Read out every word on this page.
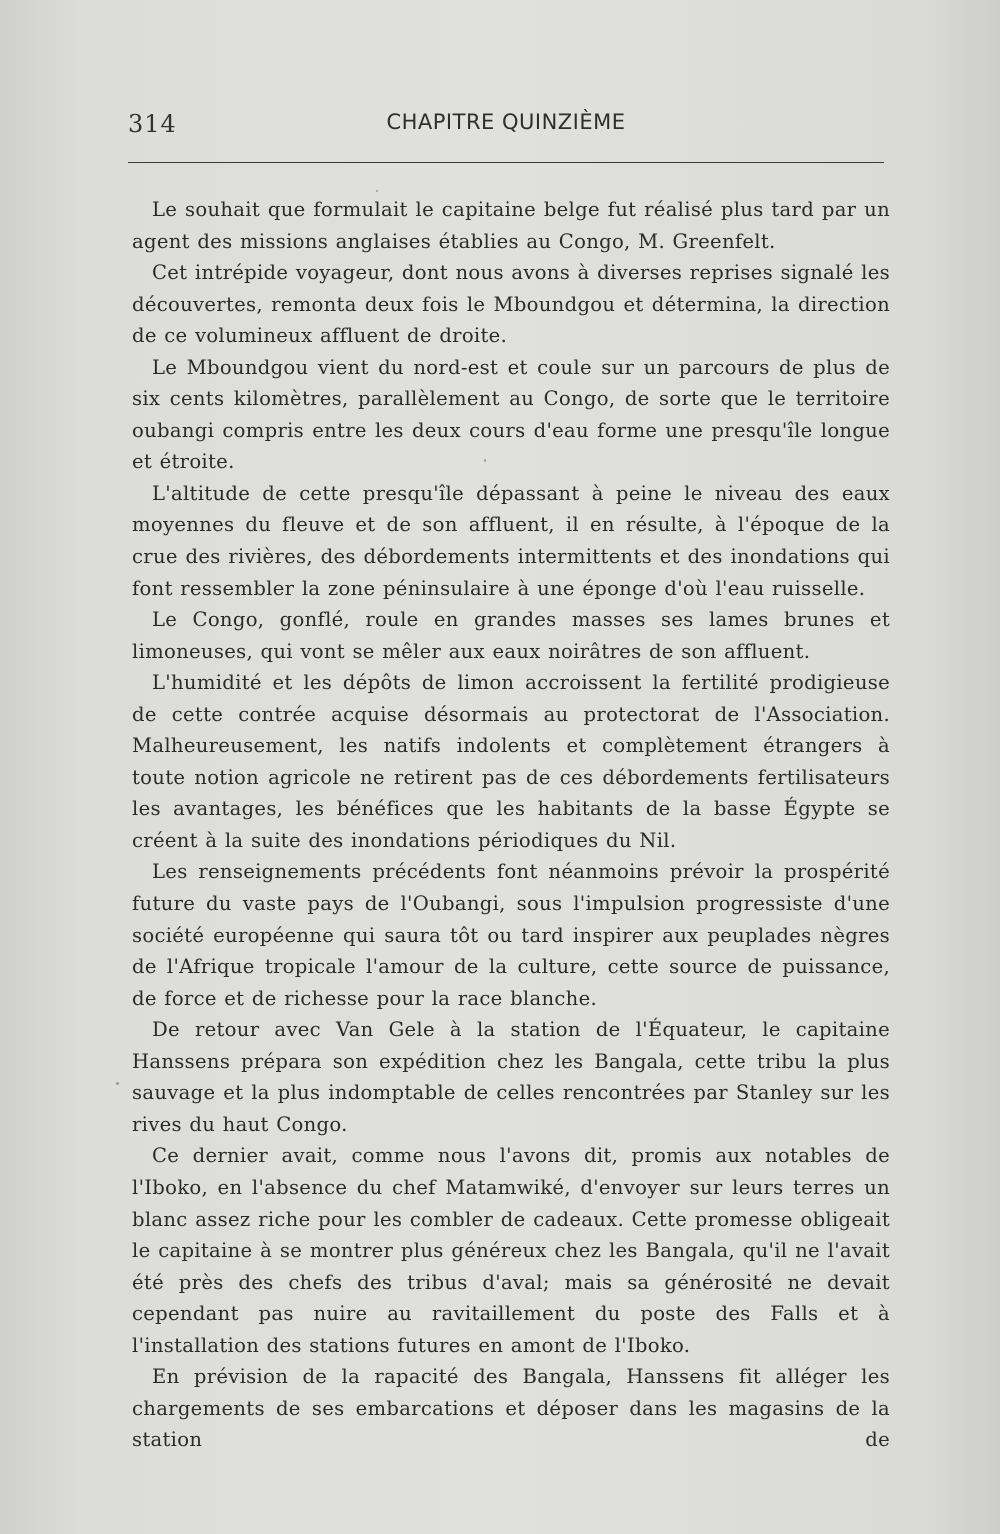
314	CHAPITRE QUINZIÈME

Le souhait que formulait le capitaine belge fut réalisé plus tard par un agent des missions anglaises établies au Congo, M. Greenfelt.

Cet intrépide voyageur, dont nous avons à diverses reprises signalé les découvertes, remonta deux fois le Mboundgou et détermina, la direction de ce volumineux affluent de droite.

Le Mboundgou vient du nord-est et coule sur un parcours de plus de six cents kilomètres, parallèlement au Congo, de sorte que le territoire oubangi compris entre les deux cours d'eau forme une presqu'île longue et étroite.

L'altitude de cette presqu'île dépassant à peine le niveau des eaux moyennes du fleuve et de son affluent, il en résulte, à l'époque de la crue des rivières, des débordements intermittents et des inondations qui font ressembler la zone péninsulaire à une éponge d'où l'eau ruisselle.

Le Congo, gonflé, roule en grandes masses ses lames brunes et limoneuses, qui vont se mêler aux eaux noirâtres de son affluent.

L'humidité et les dépôts de limon accroissent la fertilité prodigieuse de cette contrée acquise désormais au protectorat de l'Association. Malheureusement, les natifs indolents et complètement étrangers à toute notion agricole ne retirent pas de ces débordements fertilisateurs les avantages, les bénéfices que les habitants de la basse Égypte se créent à la suite des inondations périodiques du Nil.

Les renseignements précédents font néanmoins prévoir la prospérité future du vaste pays de l'Oubangi, sous l'impulsion progressiste d'une société européenne qui saura tôt ou tard inspirer aux peuplades nègres de l'Afrique tropicale l'amour de la culture, cette source de puissance, de force et de richesse pour la race blanche.

De retour avec Van Gele à la station de l'Équateur, le capitaine Hanssens prépara son expédition chez les Bangala, cette tribu la plus sauvage et la plus indomptable de celles rencontrées par Stanley sur les rives du haut Congo.

Ce dernier avait, comme nous l'avons dit, promis aux notables de l'Iboko, en l'absence du chef Matamwiké, d'envoyer sur leurs terres un blanc assez riche pour les combler de cadeaux. Cette promesse obligeait le capitaine à se montrer plus généreux chez les Bangala, qu'il ne l'avait été près des chefs des tribus d'aval; mais sa générosité ne devait cependant pas nuire au ravitaillement du poste des Falls et à l'installation des stations futures en amont de l'Iboko.

En prévision de la rapacité des Bangala, Hanssens fit alléger les chargements de ses embarcations et déposer dans les magasins de la station de
